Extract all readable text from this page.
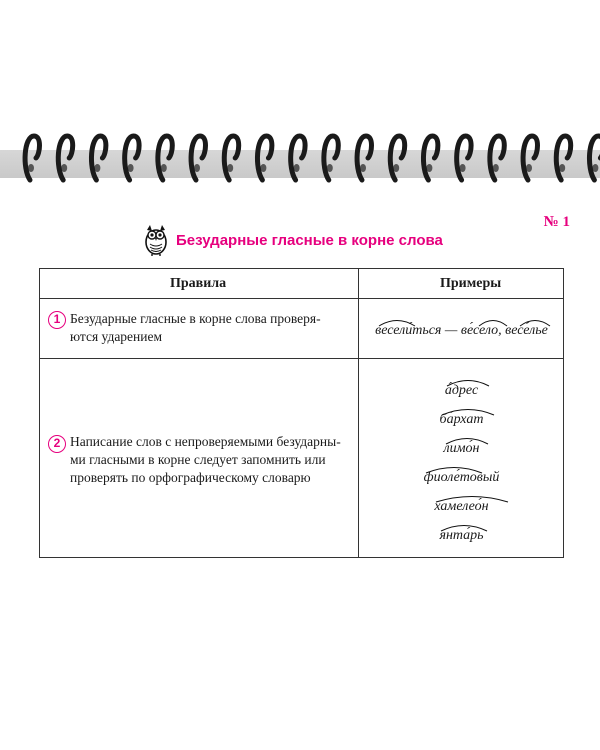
№ 1
Безударные гласные в корне слова
Правила	Примеры
1 Безударные гласные в корне слова проверя-
ются ударением	весели́ться — ве́село, весе́лье
2 Написание слов с непроверяемыми безударны-
ми гласными в корне следует запомнить или
проверять по орфографическому словарю
а́дрес
ба́рхат
лимо́н
фиоле́товый
хамелео́н
янта́рь
